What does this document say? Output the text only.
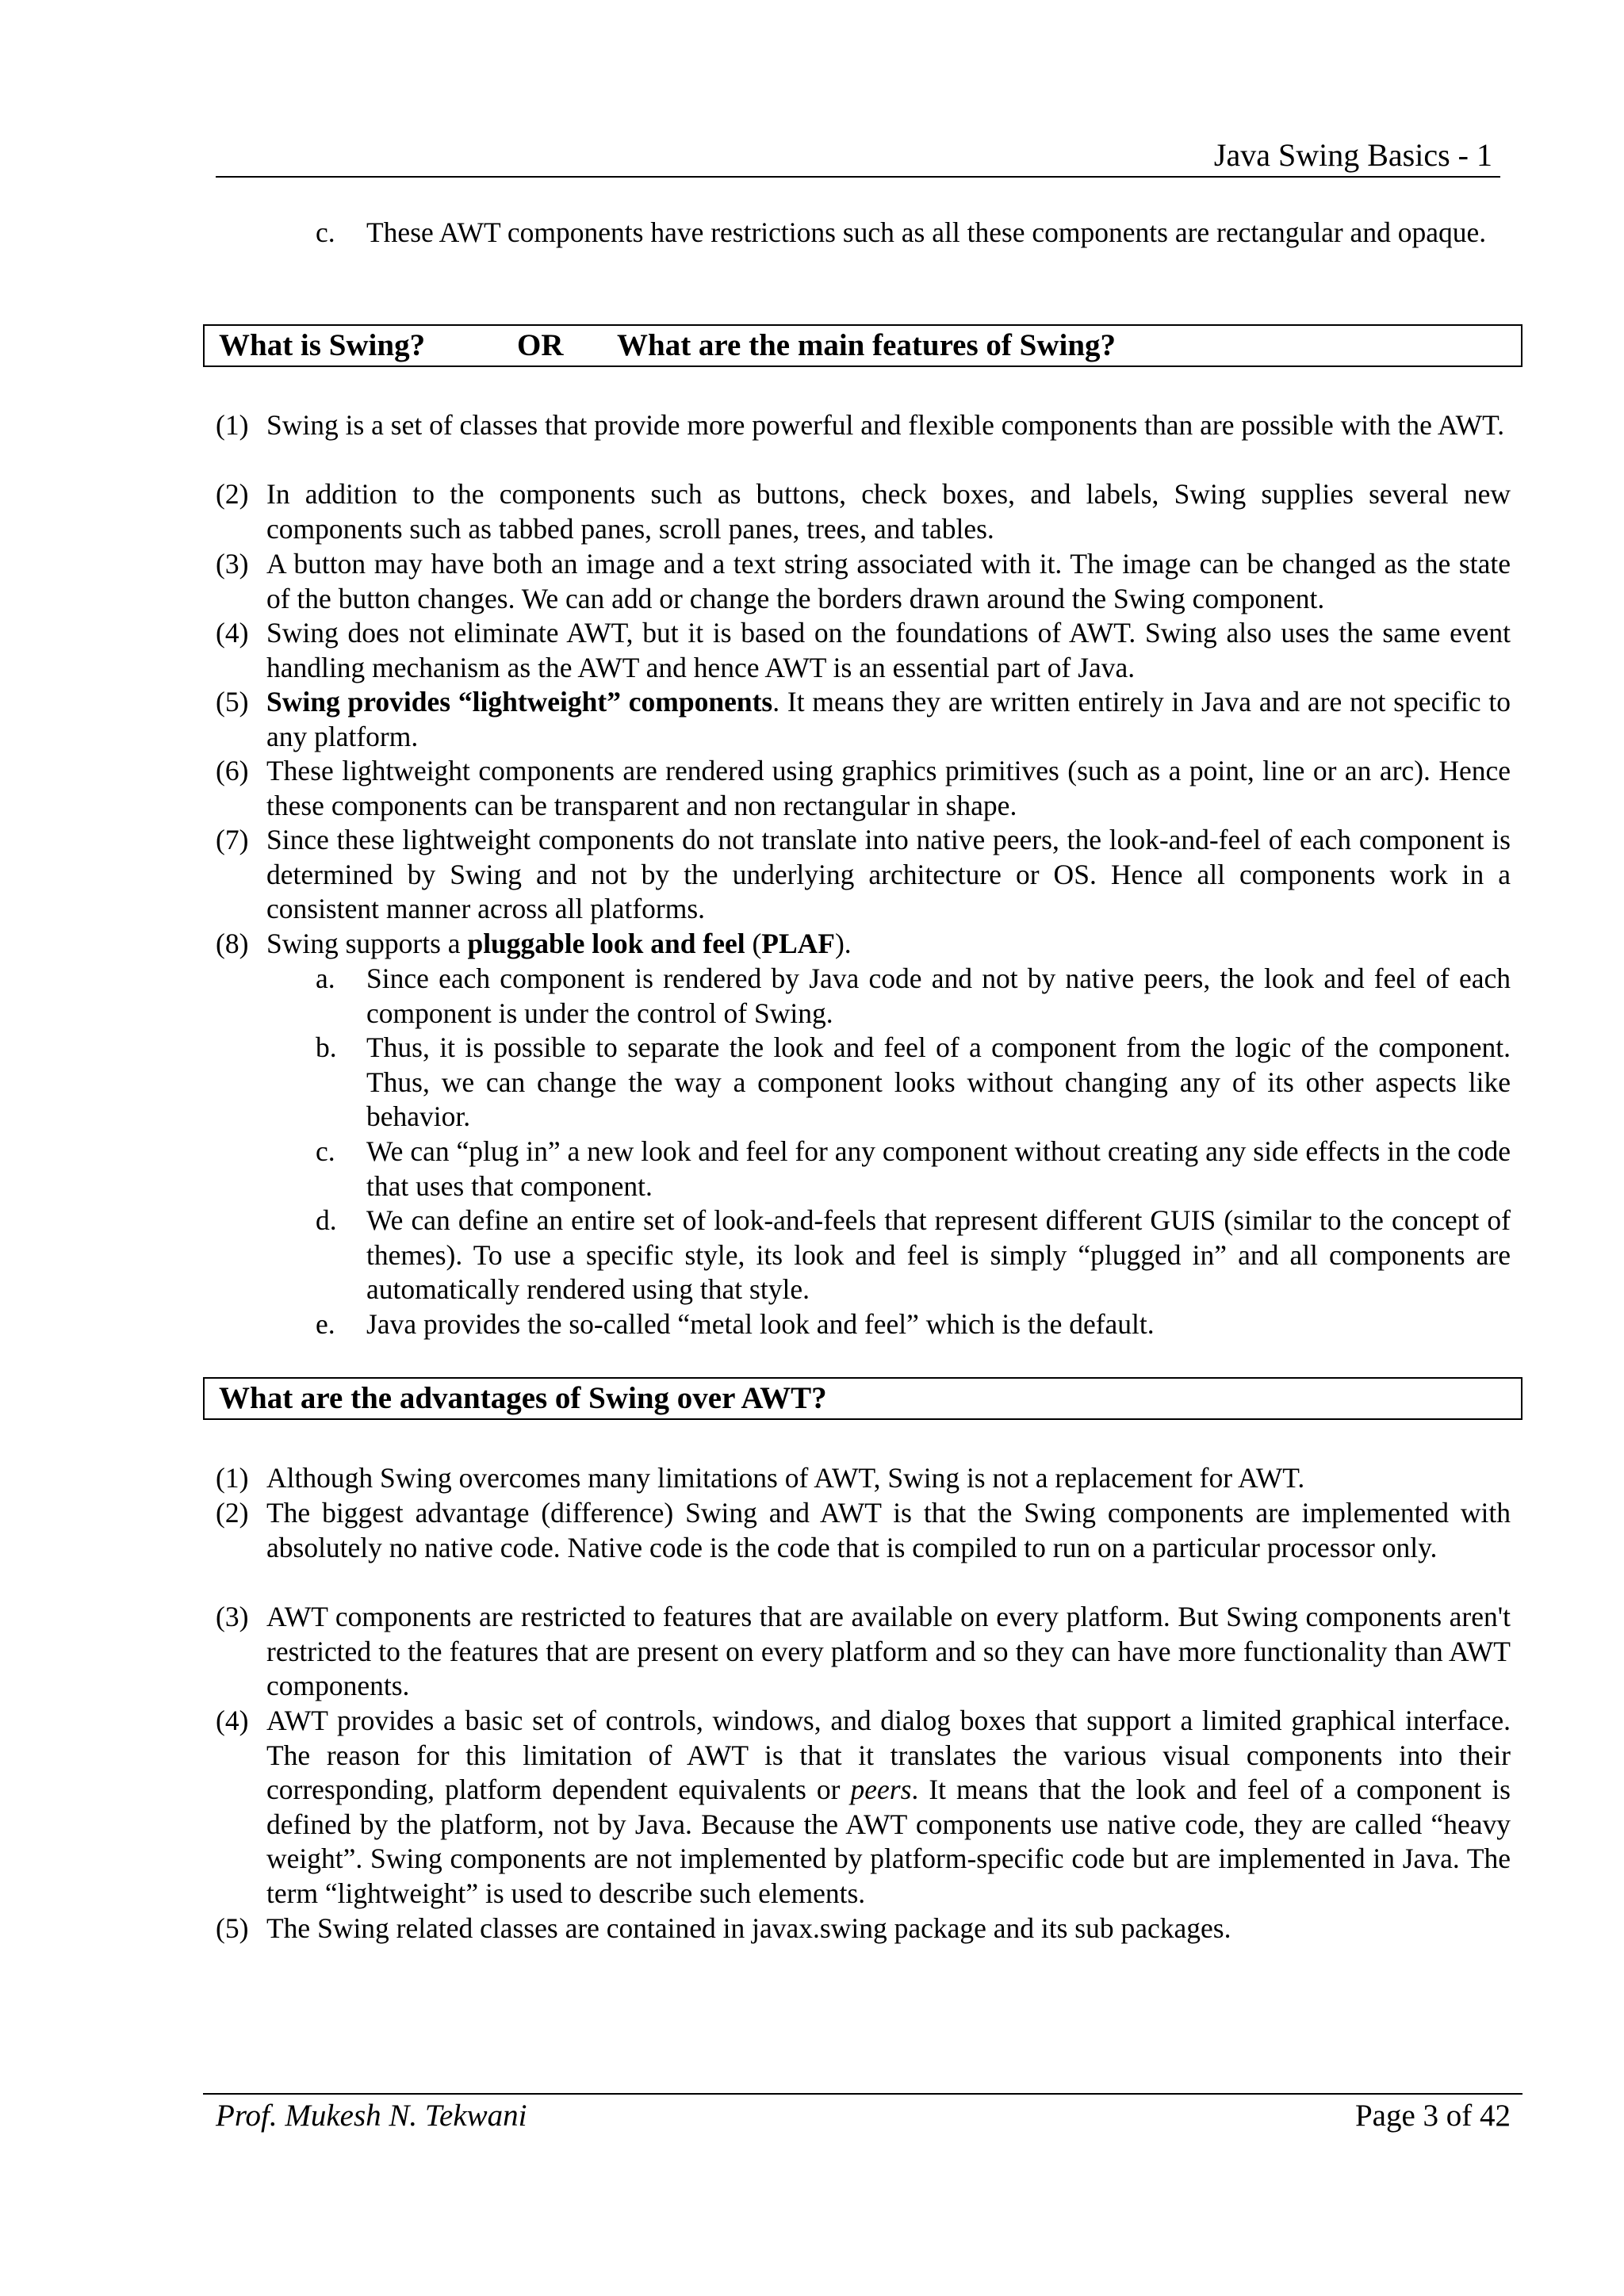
Java Swing Basics - 1
c. These AWT components have restrictions such as all these components are rectangular and opaque.
What is Swing?	OR What are the main features of Swing?
(1) Swing is a set of classes that provide more powerful and flexible components than are possible with the AWT.
(2) In addition to the components such as buttons, check boxes, and labels, Swing supplies several new components such as tabbed panes, scroll panes, trees, and tables.
(3) A button may have both an image and a text string associated with it. The image can be changed as the state of the button changes. We can add or change the borders drawn around the Swing component.
(4) Swing does not eliminate AWT, but it is based on the foundations of AWT. Swing also uses the same event handling mechanism as the AWT and hence AWT is an essential part of Java.
(5) Swing provides “lightweight” components. It means they are written entirely in Java and are not specific to any platform.
(6) These lightweight components are rendered using graphics primitives (such as a point, line or an arc). Hence these components can be transparent and non rectangular in shape.
(7) Since these lightweight components do not translate into native peers, the look-and-feel of each component is determined by Swing and not by the underlying architecture or OS. Hence all components work in a consistent manner across all platforms.
(8) Swing supports a pluggable look and feel (PLAF).
a. Since each component is rendered by Java code and not by native peers, the look and feel of each component is under the control of Swing.
b. Thus, it is possible to separate the look and feel of a component from the logic of the component. Thus, we can change the way a component looks without changing any of its other aspects like behavior.
c. We can “plug in” a new look and feel for any component without creating any side effects in the code that uses that component.
d. We can define an entire set of look-and-feels that represent different GUIS (similar to the concept of themes). To use a specific style, its look and feel is simply “plugged in” and all components are automatically rendered using that style.
e. Java provides the so-called “metal look and feel” which is the default.
What are the advantages of Swing over AWT?
(1) Although Swing overcomes many limitations of AWT, Swing is not a replacement for AWT.
(2) The biggest advantage (difference) Swing and AWT is that the Swing components are implemented with absolutely no native code. Native code is the code that is compiled to run on a particular processor only.
(3) AWT components are restricted to features that are available on every platform. But Swing components aren't restricted to the features that are present on every platform and so they can have more functionality than AWT components.
(4) AWT provides a basic set of controls, windows, and dialog boxes that support a limited graphical interface. The reason for this limitation of AWT is that it translates the various visual components into their corresponding, platform dependent equivalents or peers. It means that the look and feel of a component is defined by the platform, not by Java. Because the AWT components use native code, they are called “heavy weight”. Swing components are not implemented by platform-specific code but are implemented in Java. The term “lightweight” is used to describe such elements.
(5) The Swing related classes are contained in javax.swing package and its sub packages.
Prof. Mukesh N. Tekwani	Page 3 of 42
